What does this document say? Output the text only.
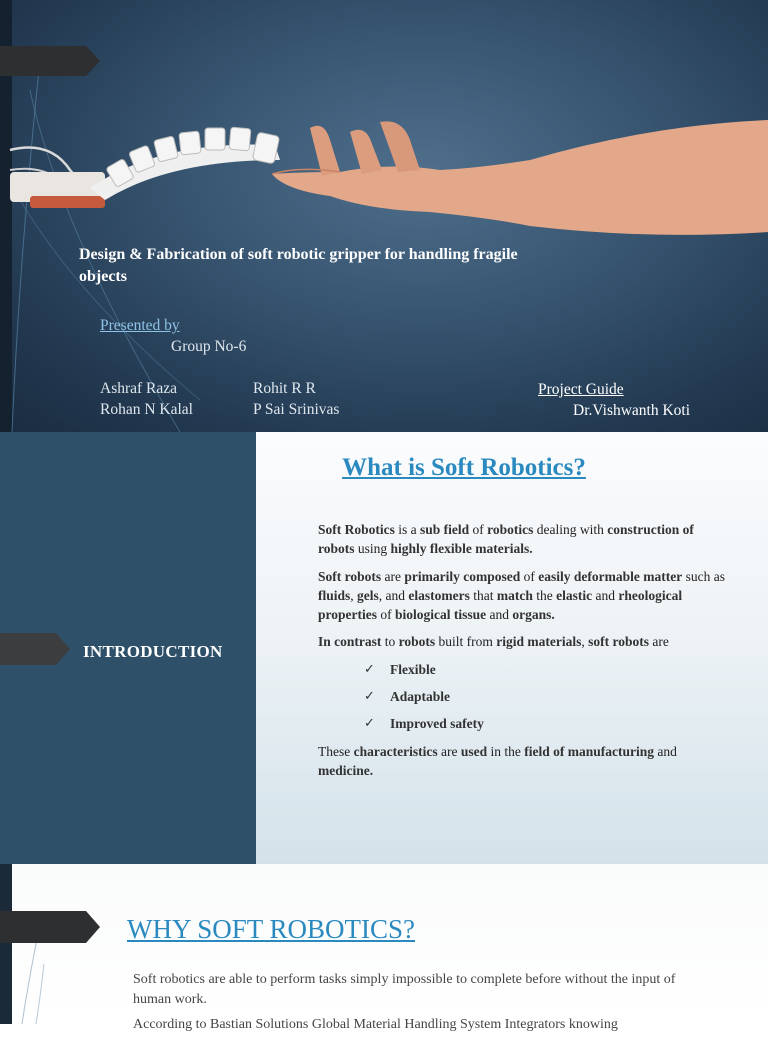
Design & Fabrication of soft robotic gripper for handling fragile objects
Presented by
Group No-6
Ashraf Raza	Rohit R R
Rohan N Kalal	P Sai Srinivas
Project Guide
Dr.Vishwanth Koti
INTRODUCTION
What is Soft Robotics?
Soft Robotics is a sub field of robotics dealing with construction of robots using highly flexible materials.
Soft robots are primarily composed of easily deformable matter such as fluids, gels, and elastomers that match the elastic and rheological properties of biological tissue and organs.
In contrast to robots built from rigid materials, soft robots are
✓ Flexible
✓ Adaptable
✓ Improved safety
These characteristics are used in the field of manufacturing and medicine.
WHY SOFT ROBOTICS?
Soft robotics are able to perform tasks simply impossible to complete before without the input of human work.
According to Bastian Solutions Global Material Handling System Integrators knowing
